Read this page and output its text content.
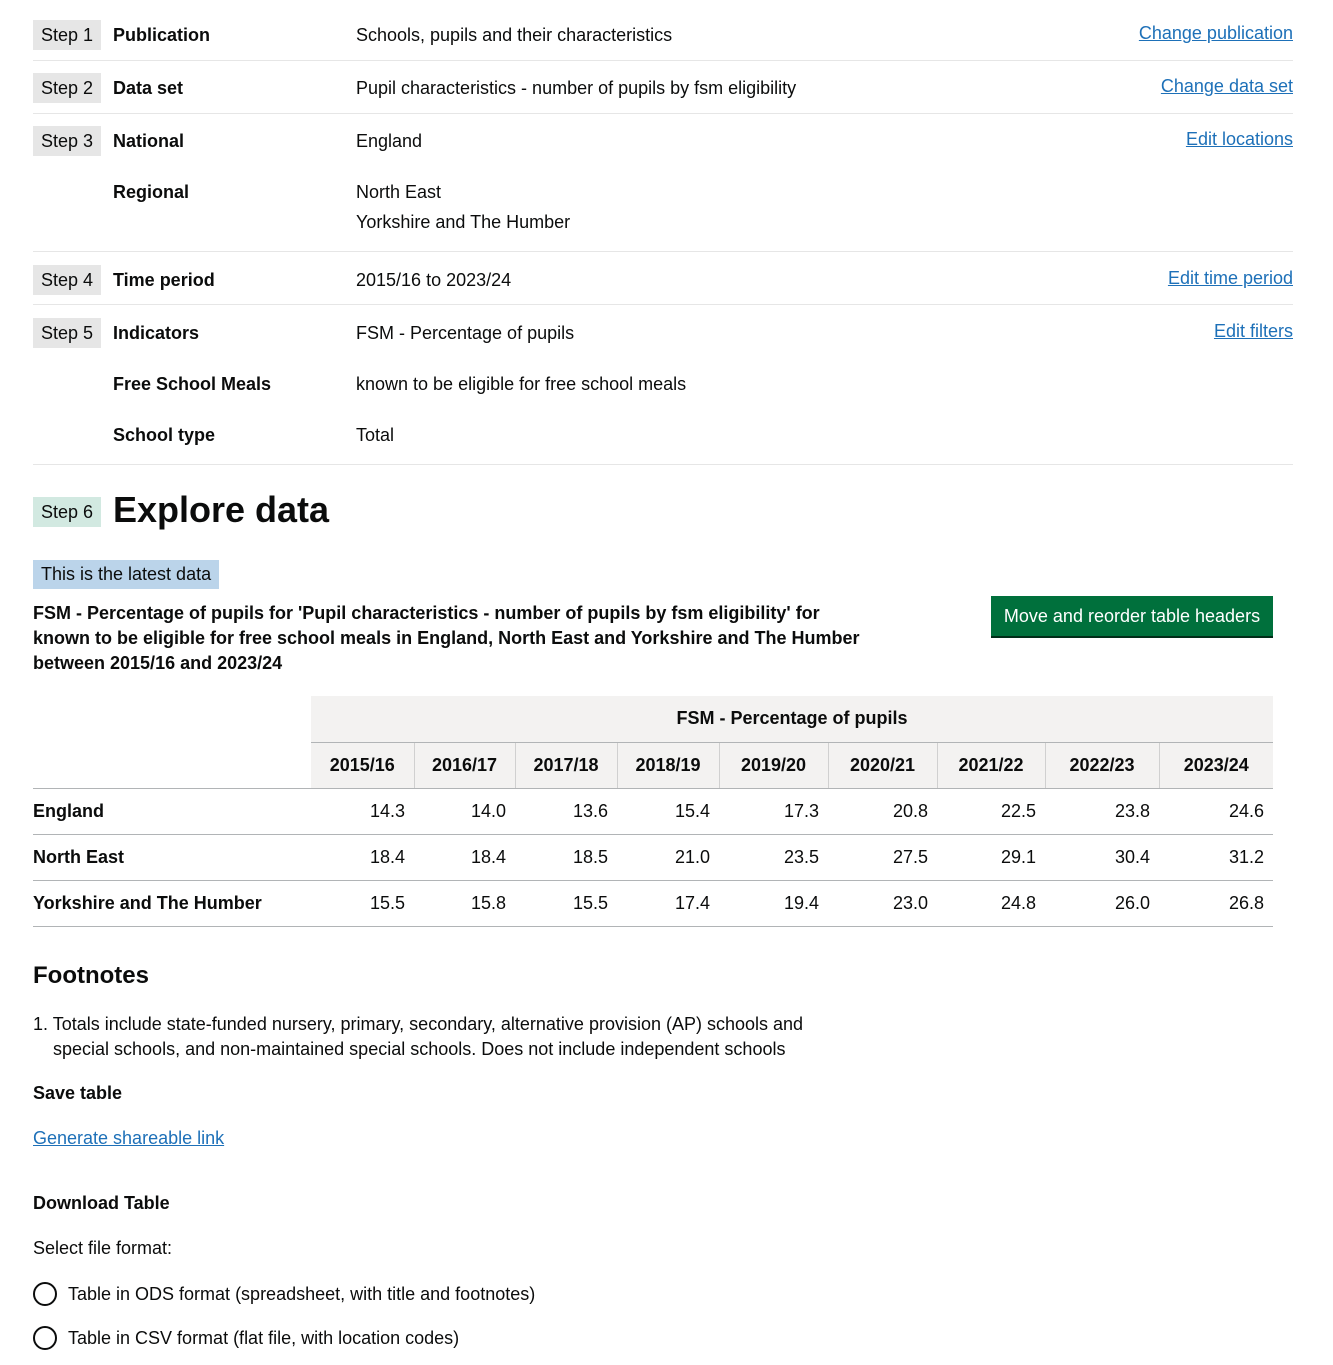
Step 1	Publication	Schools, pupils and their characteristics	Change publication
Step 2	Data set	Pupil characteristics - number of pupils by fsm eligibility	Change data set
Step 3	National	England
Regional	North East
Yorkshire and The Humber
Edit locations
Step 4	Time period	2015/16 to 2023/24	Edit time period
Step 5	Indicators	FSM - Percentage of pupils
Free School Meals	known to be eligible for free school meals
School type	Total
Edit filters
Step 6 Explore data
This is the latest data
FSM - Percentage of pupils for 'Pupil characteristics - number of pupils by fsm eligibility' for known to be eligible for free school meals in England, North East and Yorkshire and The Humber between 2015/16 and 2023/24
Move and reorder table headers
	FSM - Percentage of pupils								
	2015/16	2016/17	2017/18	2018/19	2019/20	2020/21	2021/22	2022/23	2023/24
England	14.3	14.0	13.6	15.4	17.3	20.8	22.5	23.8	24.6
North East	18.4	18.4	18.5	21.0	23.5	27.5	29.1	30.4	31.2
Yorkshire and The Humber	15.5	15.8	15.5	17.4	19.4	23.0	24.8	26.0	26.8
Footnotes

1. Totals include state-funded nursery, primary, secondary, alternative provision (AP) schools and special schools, and non-maintained special schools. Does not include independent schools

Save table
Generate shareable link
Download Table
Select file format:
Table in ODS format (spreadsheet, with title and footnotes)
Table in CSV format (flat file, with location codes)
